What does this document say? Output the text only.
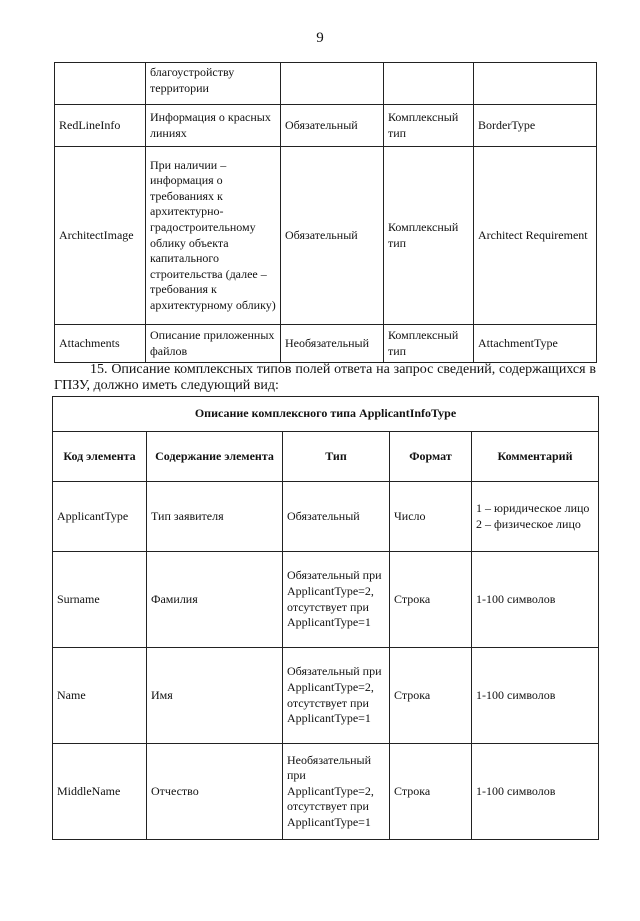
9
	благоустройству территории			
RedLineInfo	Информация о красных линиях	Обязательный	Комплексный тип	BorderType
ArchitectImage	При наличии – информация о требованиях к архитектурно-градостроительному облику объекта капитального строительства (далее – требования к архитектурному облику)	Обязательный	Комплексный тип	Architect Requirement
Attachments	Описание приложенных файлов	Необязательный	Комплексный тип	AttachmentType
15. Описание комплексных типов полей ответа на запрос сведений, содержащихся в ГПЗУ, должно иметь следующий вид:
Описание комплексного типа ApplicantInfoType				
Код элемента	Содержание элемента	Тип	Формат	Комментарий
ApplicantType	Тип заявителя	Обязательный	Число	1 – юридическое лицо 2 – физическое лицо
Surname	Фамилия	Обязательный при ApplicantType=2, отсутствует при ApplicantType=1	Строка	1-100 символов
Name	Имя	Обязательный при ApplicantType=2, отсутствует при ApplicantType=1	Строка	1-100 символов
MiddleName	Отчество	Необязательный при ApplicantType=2, отсутствует при ApplicantType=1	Строка	1-100 символов
